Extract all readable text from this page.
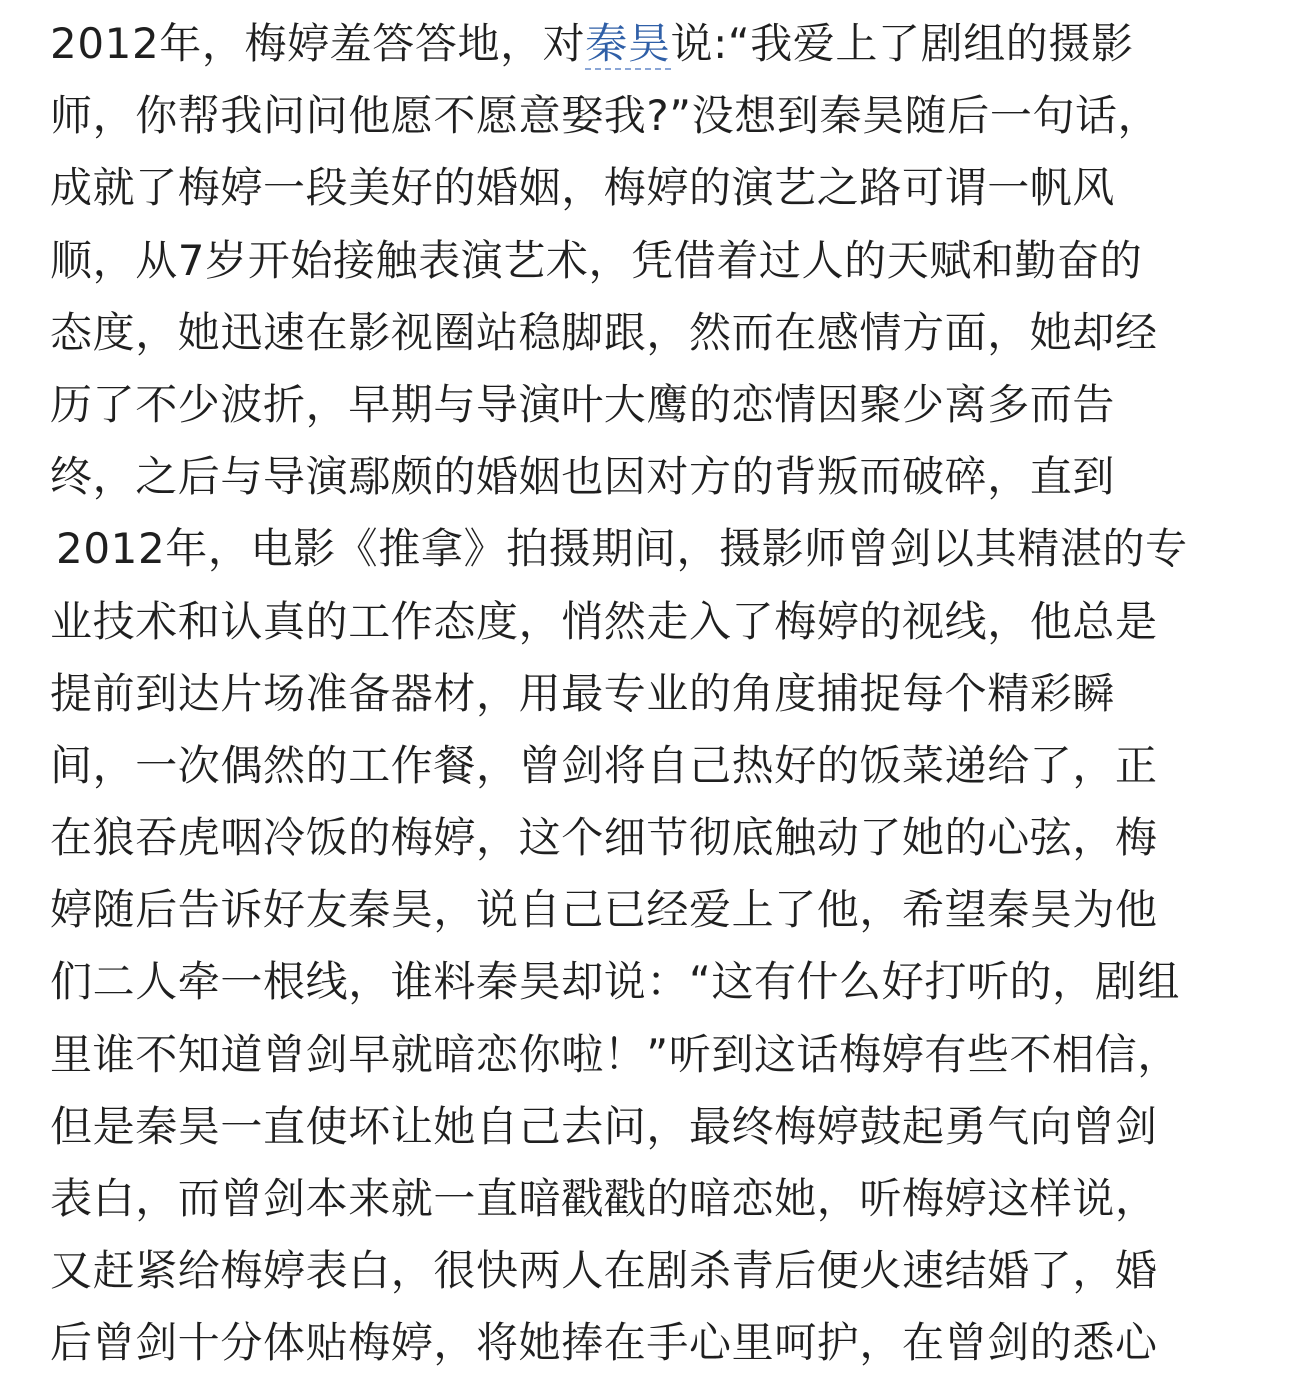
2012年，梅婷羞答答地，对秦昊说:“我爱上了剧组的摄影
师，你帮我问问他愿不愿意娶我?”没想到秦昊随后一句话，
成就了梅婷一段美好的婚姻，梅婷的演艺之路可谓一帆风
顺，从7岁开始接触表演艺术，凭借着过人的天赋和勤奋的
态度，她迅速在影视圈站稳脚跟，然而在感情方面，她却经
历了不少波折，早期与导演叶大鹰的恋情因聚少离多而告
终，之后与导演鄢颇的婚姻也因对方的背叛而破碎，直到
2012年，电影《推拿》拍摄期间，摄影师曾剑以其精湛的专
业技术和认真的工作态度，悄然走入了梅婷的视线，他总是
提前到达片场准备器材，用最专业的角度捕捉每个精彩瞬
间，一次偶然的工作餐，曾剑将自己热好的饭菜递给了，正
在狼吞虎咽冷饭的梅婷，这个细节彻底触动了她的心弦，梅
婷随后告诉好友秦昊，说自己已经爱上了他，希望秦昊为他
们二人牵一根线，谁料秦昊却说：“这有什么好打听的，剧组
里谁不知道曾剑早就暗恋你啦！”听到这话梅婷有些不相信，
但是秦昊一直使坏让她自己去问，最终梅婷鼓起勇气向曾剑
表白，而曾剑本来就一直暗戳戳的暗恋她，听梅婷这样说，
又赶紧给梅婷表白，很快两人在剧杀青后便火速结婚了，婚
后曾剑十分体贴梅婷，将她捧在手心里呵护，在曾剑的悉心
